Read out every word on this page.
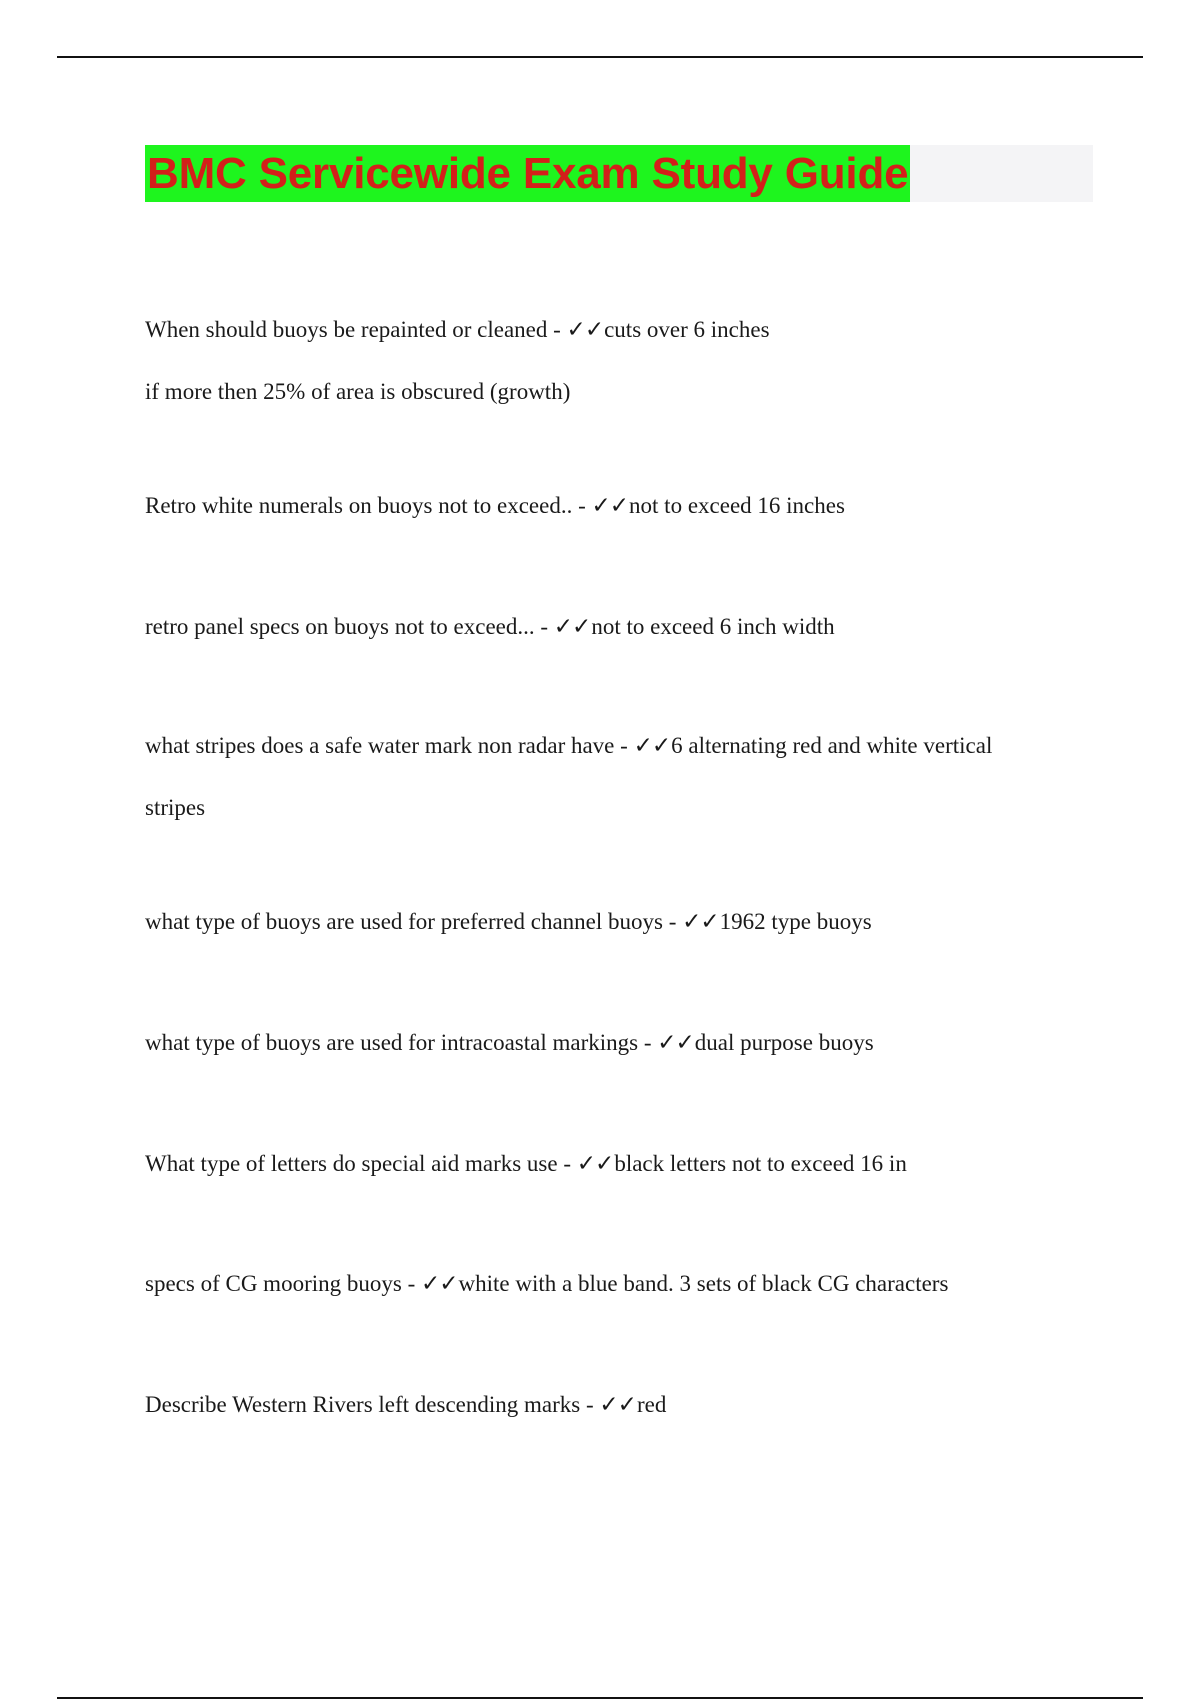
BMC Servicewide Exam Study Guide

When should buoys be repainted or cleaned - ✓✓cuts over 6 inches
if more then 25% of area is obscured (growth)

Retro white numerals on buoys not to exceed.. - ✓✓not to exceed 16 inches

retro panel specs on buoys not to exceed... - ✓✓not to exceed 6 inch width

what stripes does a safe water mark non radar have - ✓✓6 alternating red and white vertical
stripes

what type of buoys are used for preferred channel buoys - ✓✓1962 type buoys

what type of buoys are used for intracoastal markings - ✓✓dual purpose buoys

What type of letters do special aid marks use - ✓✓black letters not to exceed 16 in

specs of CG mooring buoys - ✓✓white with a blue band. 3 sets of black CG characters

Describe Western Rivers left descending marks - ✓✓red
